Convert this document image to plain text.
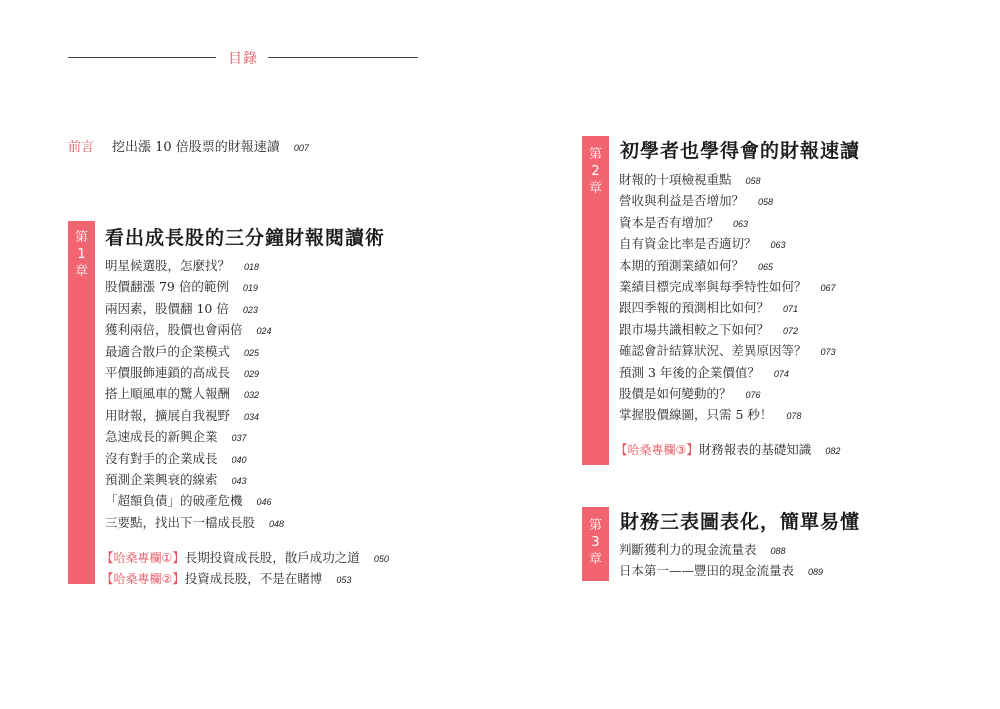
目錄
前言 挖出漲 10 倍股票的財報速讀 007
第
1
章
看出成長股的三分鐘財報閱讀術
明星候選股，怎麼找？ 018
股價翻漲 79 倍的範例 019
兩因素，股價翻 10 倍 023
獲利兩倍，股價也會兩倍 024
最適合散戶的企業模式 025
平價服飾連鎖的高成長 029
搭上順風車的驚人報酬 032
用財報，擴展自我視野 034
急速成長的新興企業 037
沒有對手的企業成長 040
預測企業興衰的線索 043
「超額負債」的破產危機 046
三要點，找出下一檔成長股 048
【哈桑專欄①】長期投資成長股，散戶成功之道 050
【哈桑專欄②】投資成長股，不是在賭博 053
第
2
章
初學者也學得會的財報速讀
財報的十項檢視重點 058
營收與利益是否增加？ 058
資本是否有增加？ 063
自有資金比率是否適切？ 063
本期的預測業績如何？ 065
業績目標完成率與每季特性如何？ 067
跟四季報的預測相比如何？ 071
跟市場共識相較之下如何？ 072
確認會計結算狀況、差異原因等？ 073
預測 3 年後的企業價值？ 074
股價是如何變動的？ 076
掌握股價線圖，只需 5 秒！ 078
【哈桑專欄③】財務報表的基礎知識 082
第
3
章
財務三表圖表化，簡單易懂
判斷獲利力的現金流量表 088
日本第一——豐田的現金流量表 089
